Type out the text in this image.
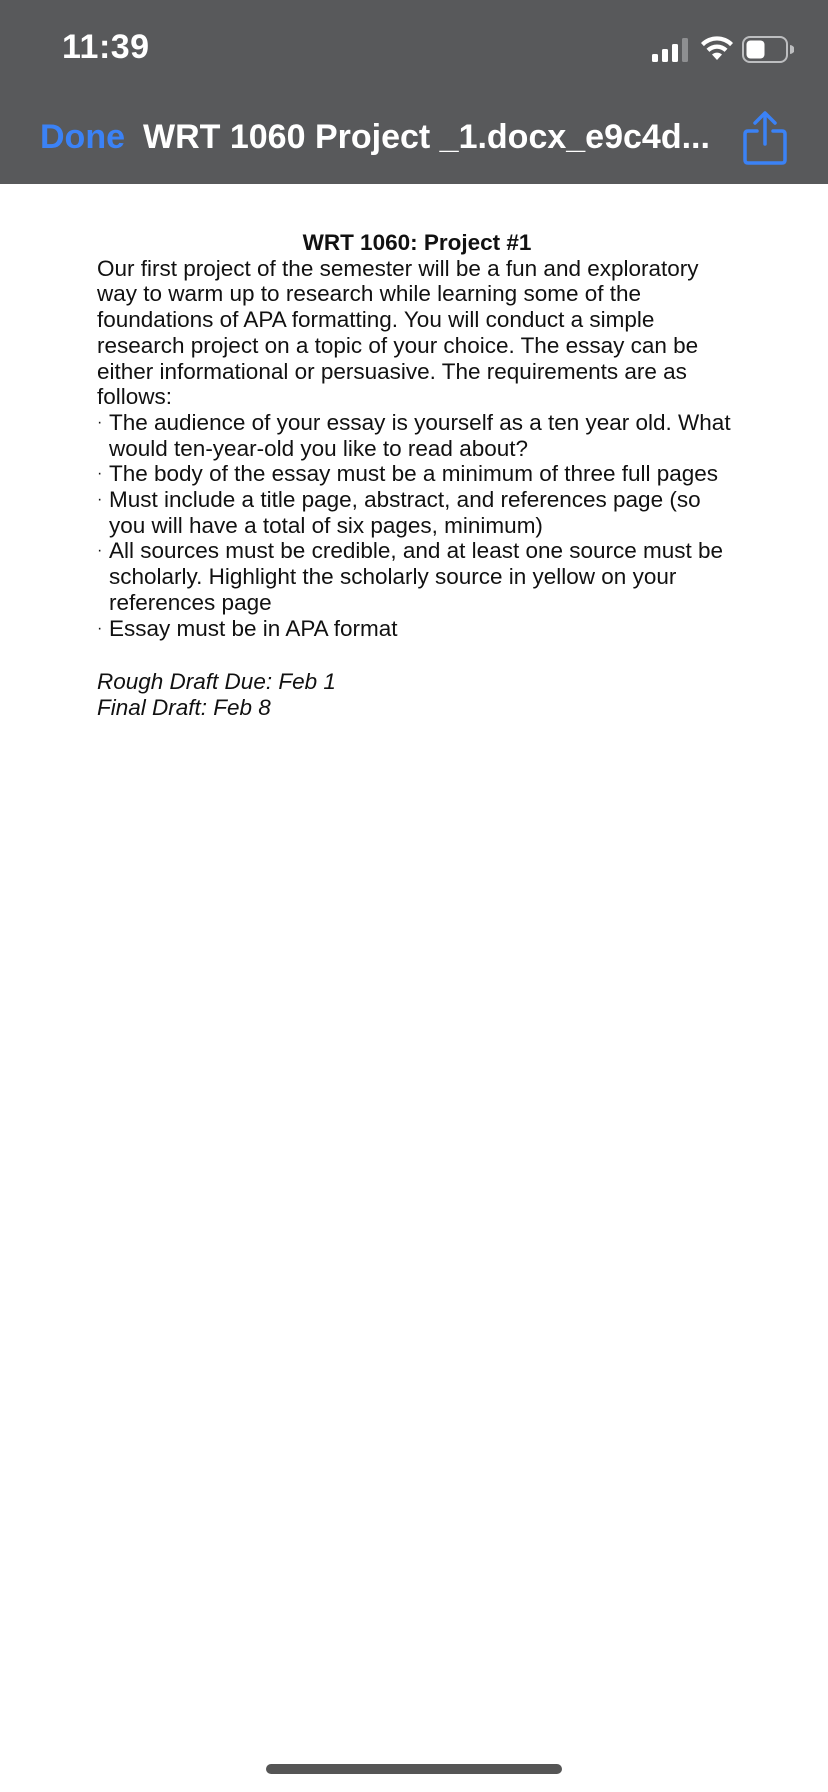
11:39
Done WRT 1060 Project _1.docx_e9c4d...

WRT 1060: Project #1

Our first project of the semester will be a fun and exploratory way to warm up to research while learning some of the foundations of APA formatting. You will conduct a simple research project on a topic of your choice. The essay can be either informational or persuasive. The requirements are as follows:

· The audience of your essay is yourself as a ten year old. What would ten-year-old you like to read about?
· The body of the essay must be a minimum of three full pages
· Must include a title page, abstract, and references page (so you will have a total of six pages, minimum)
· All sources must be credible, and at least one source must be scholarly. Highlight the scholarly source in yellow on your references page
· Essay must be in APA format
Rough Draft Due: Feb 1
Final Draft: Feb 8
